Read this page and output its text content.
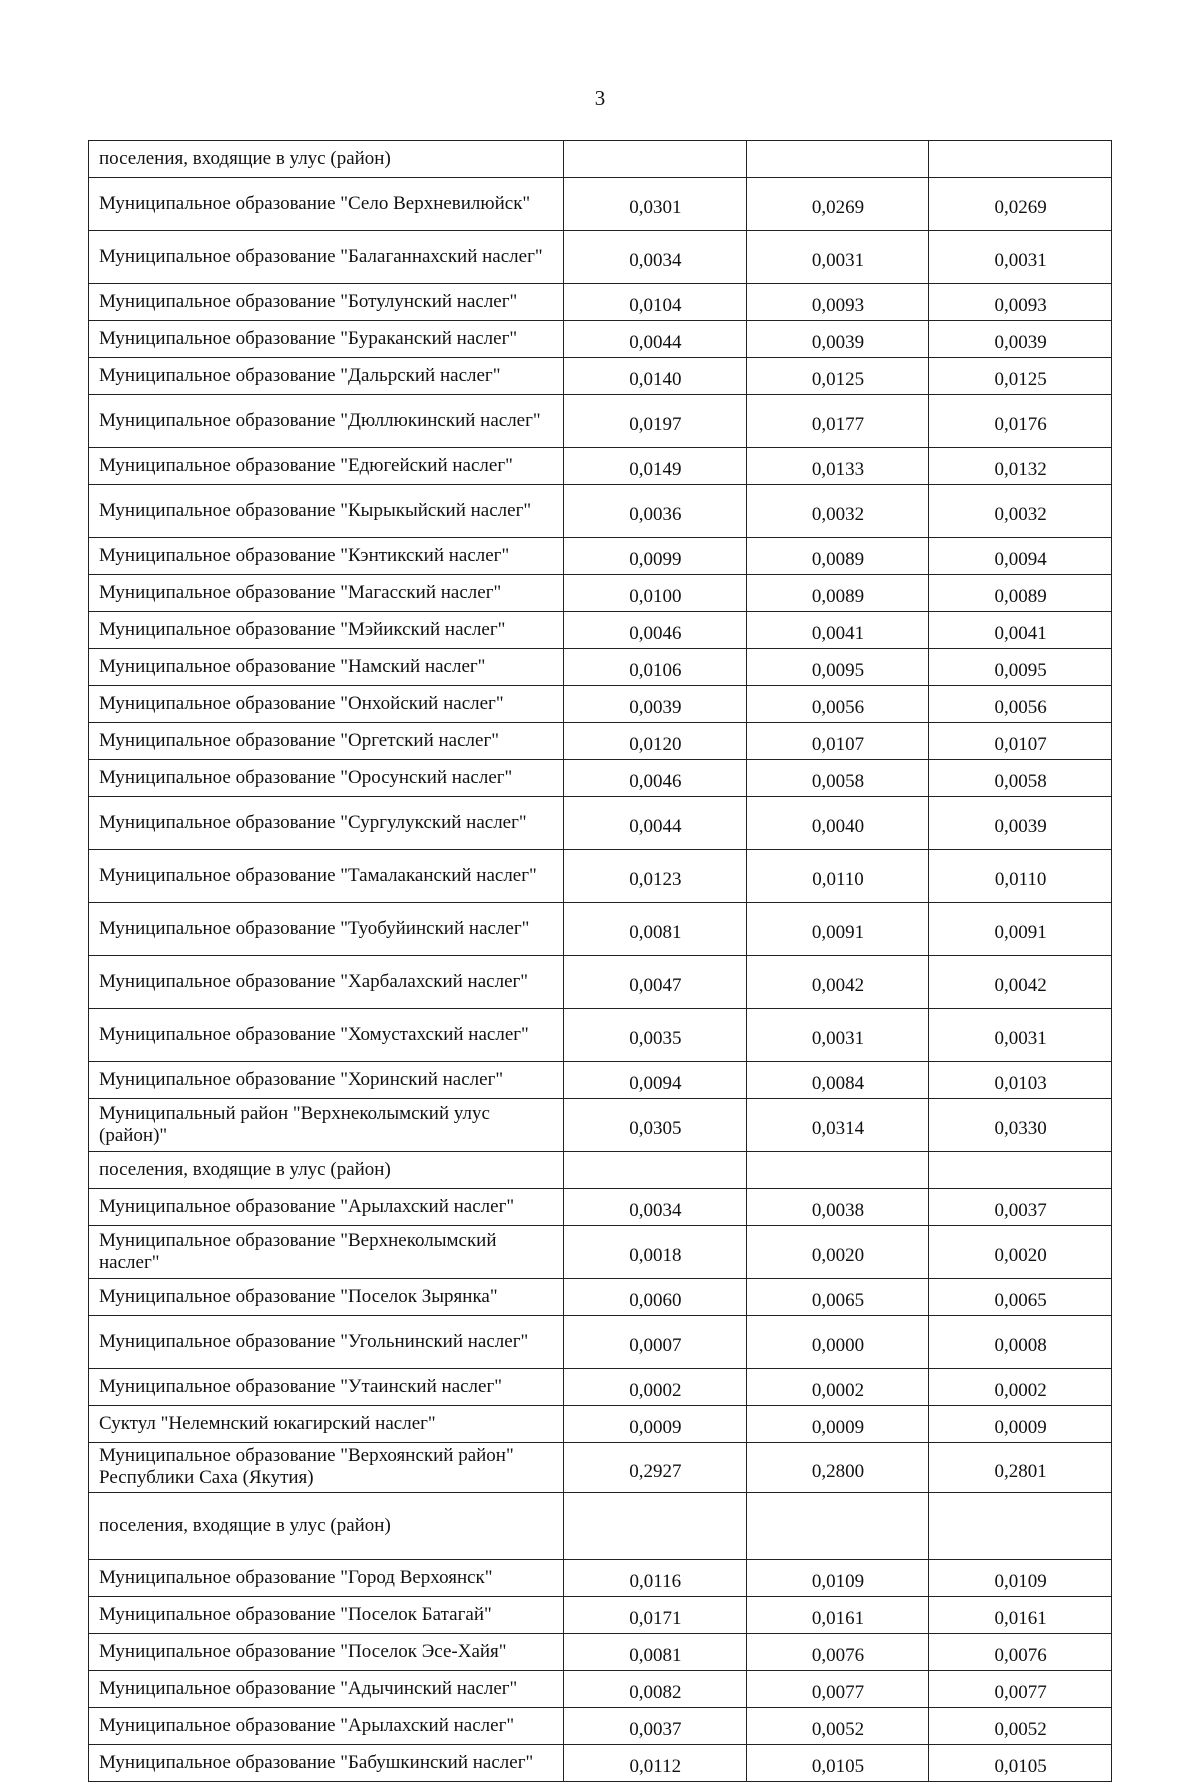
3
поселения, входящие в улус (район)			
Муниципальное образование "Село Верхневилюйск"	0,0301	0,0269	0,0269
Муниципальное образование "Балаганнахский наслег"	0,0034	0,0031	0,0031
Муниципальное образование "Ботулунский наслег"	0,0104	0,0093	0,0093
Муниципальное образование "Бyраканский наслег"	0,0044	0,0039	0,0039
Муниципальное образование "Дальрский наслег"	0,0140	0,0125	0,0125
Муниципальное образование "Дюллюкинский наслег"	0,0197	0,0177	0,0176
Муниципальное образование "Едюгейский наслег"	0,0149	0,0133	0,0132
Муниципальное образование "Кырыкыйский наслег"	0,0036	0,0032	0,0032
Муниципальное образование "Кэнтикский наслег"	0,0099	0,0089	0,0094
Муниципальное образование "Магасский наслег"	0,0100	0,0089	0,0089
Муниципальное образование "Мэйикский наслег"	0,0046	0,0041	0,0041
Муниципальное образование "Намский наслег"	0,0106	0,0095	0,0095
Муниципальное образование "Онхойский наслег"	0,0039	0,0056	0,0056
Муниципальное образование "Оргетский наслег"	0,0120	0,0107	0,0107
Муниципальное образование "Оросунский наслег"	0,0046	0,0058	0,0058
Муниципальное образование "Сургулукский наслег"	0,0044	0,0040	0,0039
Муниципальное образование "Тамалаканский наслег"	0,0123	0,0110	0,0110
Муниципальное образование "Туобуйинский наслег"	0,0081	0,0091	0,0091
Муниципальное образование "Харбалахский наслег"	0,0047	0,0042	0,0042
Муниципальное образование "Хомустахский наслег"	0,0035	0,0031	0,0031
Муниципальное образование "Хоринский наслег"	0,0094	0,0084	0,0103
Муниципальный район "Верхнеколымский улус (район)"	0,0305	0,0314	0,0330
поселения, входящие в улус (район)			
Муниципальное образование "Арылахский наслег"	0,0034	0,0038	0,0037
Муниципальное образование "Верхнеколымский наслег"	0,0018	0,0020	0,0020
Муниципальное образование "Поселок Зырянка"	0,0060	0,0065	0,0065
Муниципальное образование "Угольнинский наслег"	0,0007	0,0000	0,0008
Муниципальное образование "Утаинский наслег"	0,0002	0,0002	0,0002
Суктул "Нелемнский юкагирский наслег"	0,0009	0,0009	0,0009
Муниципальное образование "Верхоянский район" Республики Саха (Якутия)	0,2927	0,2800	0,2801
поселения, входящие в улус (район)			
Муниципальное образование "Город Верхоянск"	0,0116	0,0109	0,0109
Муниципальное образование "Поселок Батагай"	0,0171	0,0161	0,0161
Муниципальное образование "Поселок Эсе-Хайя"	0,0081	0,0076	0,0076
Муниципальное образование "Адычинский наслег"	0,0082	0,0077	0,0077
Муниципальное образование "Арылахский наслег"	0,0037	0,0052	0,0052
Муниципальное образование "Бабушкинский наслег"	0,0112	0,0105	0,0105
